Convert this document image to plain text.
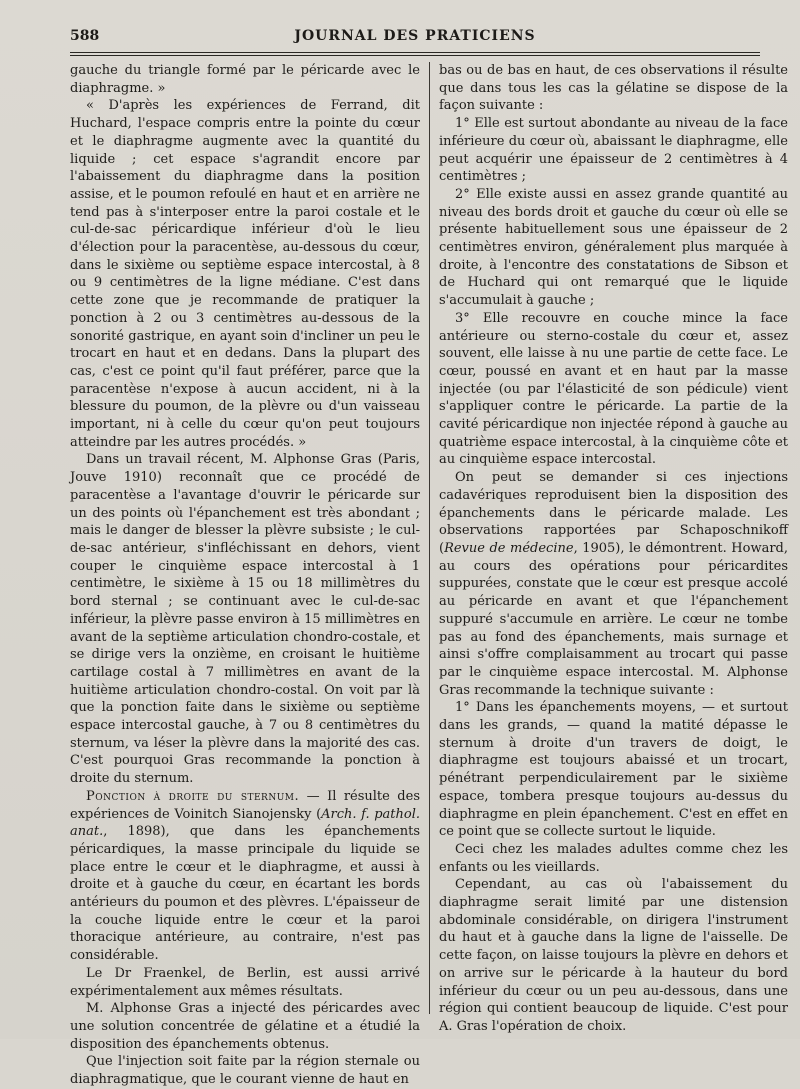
588	JOURNAL DES PRATICIENS

gauche du triangle formé par le péricarde avec le diaphragme. »

« D'après les expériences de Ferrand, dit Huchard, l'espace compris entre la pointe du cœur et le diaphragme augmente avec la quantité du liquide ; cet espace s'agrandit encore par l'abaissement du diaphragme dans la position assise, et le poumon refoulé en haut et en arrière ne tend pas à s'interposer entre la paroi costale et le cul-de-sac péricardique inférieur d'où le lieu d'élection pour la paracentèse, au-dessous du cœur, dans le sixième ou septième espace intercostal, à 8 ou 9 centimètres de la ligne médiane. C'est dans cette zone que je recommande de pratiquer la ponction à 2 ou 3 centimètres au-dessous de la sonorité gastrique, en ayant soin d'incliner un peu le trocart en haut et en dedans. Dans la plupart des cas, c'est ce point qu'il faut préférer, parce que la paracentèse n'expose à aucun accident, ni à la blessure du poumon, de la plèvre ou d'un vaisseau important, ni à celle du cœur qu'on peut toujours atteindre par les autres procédés. »

Dans un travail récent, M. Alphonse Gras (Paris, Jouve 1910) reconnaît que ce procédé de paracentèse a l'avantage d'ouvrir le péricarde sur un des points où l'épanchement est très abondant ; mais le danger de blesser la plèvre subsiste ; le cul-de-sac antérieur, s'infléchissant en dehors, vient couper le cinquième espace intercostal à 1 centimètre, le sixième à 15 ou 18 millimètres du bord sternal ; se continuant avec le cul-de-sac inférieur, la plèvre passe environ à 15 millimètres en avant de la septième articulation chondro-costale, et se dirige vers la onzième, en croisant le huitième cartilage costal à 7 millimètres en avant de la huitième articulation chondro-costal. On voit par là que la ponction faite dans le sixième ou septième espace intercostal gauche, à 7 ou 8 centimètres du sternum, va léser la plèvre dans la majorité des cas. C'est pourquoi Gras recommande la ponction à droite du sternum.

Ponction à droite du sternum. — Il résulte des expériences de Voinitch Sianojensky (Arch. f. pathol. anat., 1898), que dans les épanchements péricardiques, la masse principale du liquide se place entre le cœur et le diaphragme, et aussi à droite et à gauche du cœur, en écartant les bords antérieurs du poumon et des plèvres. L'épaisseur de la couche liquide entre le cœur et la paroi thoracique antérieure, au contraire, n'est pas considérable.

Le Dr Fraenkel, de Berlin, est aussi arrivé expérimentalement aux mêmes résultats.

M. Alphonse Gras a injecté des péricardes avec une solution concentrée de gélatine et a étudié la disposition des épanchements obtenus.

Que l'injection soit faite par la région sternale ou diaphragmatique, que le courant vienne de haut en

bas ou de bas en haut, de ces observations il résulte que dans tous les cas la gélatine se dispose de la façon suivante :

1° Elle est surtout abondante au niveau de la face inférieure du cœur où, abaissant le diaphragme, elle peut acquérir une épaisseur de 2 centimètres à 4 centimètres ;

2° Elle existe aussi en assez grande quantité au niveau des bords droit et gauche du cœur où elle se présente habituellement sous une épaisseur de 2 centimètres environ, généralement plus marquée à droite, à l'encontre des constatations de Sibson et de Huchard qui ont remarqué que le liquide s'accumulait à gauche ;

3° Elle recouvre en couche mince la face antérieure ou sterno-costale du cœur et, assez souvent, elle laisse à nu une partie de cette face. Le cœur, poussé en avant et en haut par la masse injectée (ou par l'élasticité de son pédicule) vient s'appliquer contre le péricarde. La partie de la cavité péricardique non injectée répond à gauche au quatrième espace intercostal, à la cinquième côte et au cinquième espace intercostal.

On peut se demander si ces injections cadavériques reproduisent bien la disposition des épanchements dans le péricarde malade. Les observations rapportées par Schaposchnikoff (Revue de médecine, 1905), le démontrent. Howard, au cours des opérations pour péricardites suppurées, constate que le cœur est presque accolé au péricarde en avant et que l'épanchement suppuré s'accumule en arrière. Le cœur ne tombe pas au fond des épanchements, mais surnage et ainsi s'offre complaisamment au trocart qui passe par le cinquième espace intercostal. M. Alphonse Gras recommande la technique suivante :

1° Dans les épanchements moyens, — et surtout dans les grands, — quand la matité dépasse le sternum à droite d'un travers de doigt, le diaphragme est toujours abaissé et un trocart, pénétrant perpendiculairement par le sixième espace, tombera presque toujours au-dessus du diaphragme en plein épanchement. C'est en effet en ce point que se collecte surtout le liquide.

Ceci chez les malades adultes comme chez les enfants ou les vieillards.

Cependant, au cas où l'abaissement du diaphragme serait limité par une distension abdominale considérable, on dirigera l'instrument du haut et à gauche dans la ligne de l'aisselle. De cette façon, on laisse toujours la plèvre en dehors et on arrive sur le péricarde à la hauteur du bord inférieur du cœur ou un peu au-dessous, dans une région qui contient beaucoup de liquide. C'est pour A. Gras l'opération de choix.
